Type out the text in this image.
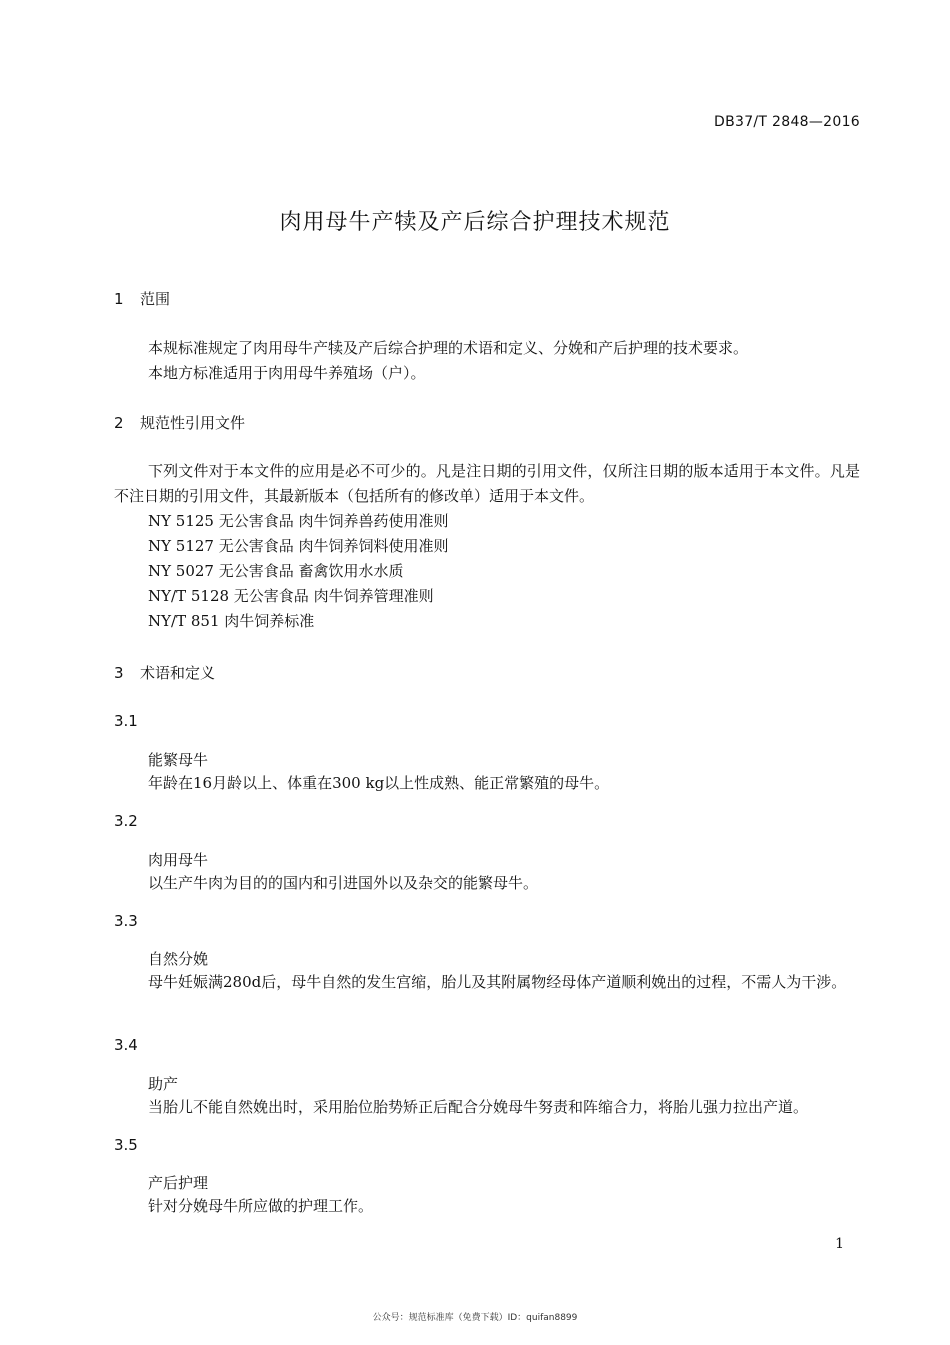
DB37/T 2848—2016
肉用母牛产犊及产后综合护理技术规范
1 范围
本规标准规定了肉用母牛产犊及产后综合护理的术语和定义、分娩和产后护理的技术要求。
本地方标准适用于肉用母牛养殖场（户）。
2 规范性引用文件
下列文件对于本文件的应用是必不可少的。凡是注日期的引用文件，仅所注日期的版本适用于本文件。凡是不注日期的引用文件，其最新版本（包括所有的修改单）适用于本文件。
NY 5125 无公害食品 肉牛饲养兽药使用准则
NY 5127 无公害食品 肉牛饲养饲料使用准则
NY 5027 无公害食品 畜禽饮用水水质
NY/T 5128 无公害食品 肉牛饲养管理准则
NY/T 851 肉牛饲养标准
3 术语和定义
3.1
能繁母牛
年龄在16月龄以上、体重在300 kg以上性成熟、能正常繁殖的母牛。
3.2
肉用母牛
以生产牛肉为目的的国内和引进国外以及杂交的能繁母牛。
3.3
自然分娩
母牛妊娠满280d后，母牛自然的发生宫缩，胎儿及其附属物经母体产道顺利娩出的过程，不需人为干涉。
3.4
助产
当胎儿不能自然娩出时，采用胎位胎势矫正后配合分娩母牛努责和阵缩合力，将胎儿强力拉出产道。
3.5
产后护理
针对分娩母牛所应做的护理工作。
1
公众号：规范标准库（免费下载）ID：quifan8899
